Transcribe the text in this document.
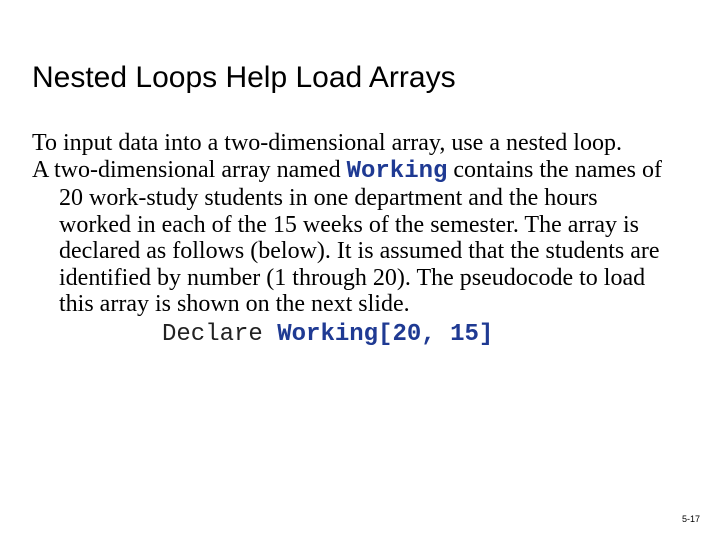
Nested Loops Help Load Arrays

To input data into a two-dimensional array, use a nested loop.

A two-dimensional array named Working contains the names of 20 work-study students in one department and the hours worked in each of the 15 weeks of the semester. The array is declared as follows (below). It is assumed that the students are identified by number (1 through 20). The pseudocode to load this array is shown on the next slide.

Declare Working[20, 15]

5-17
